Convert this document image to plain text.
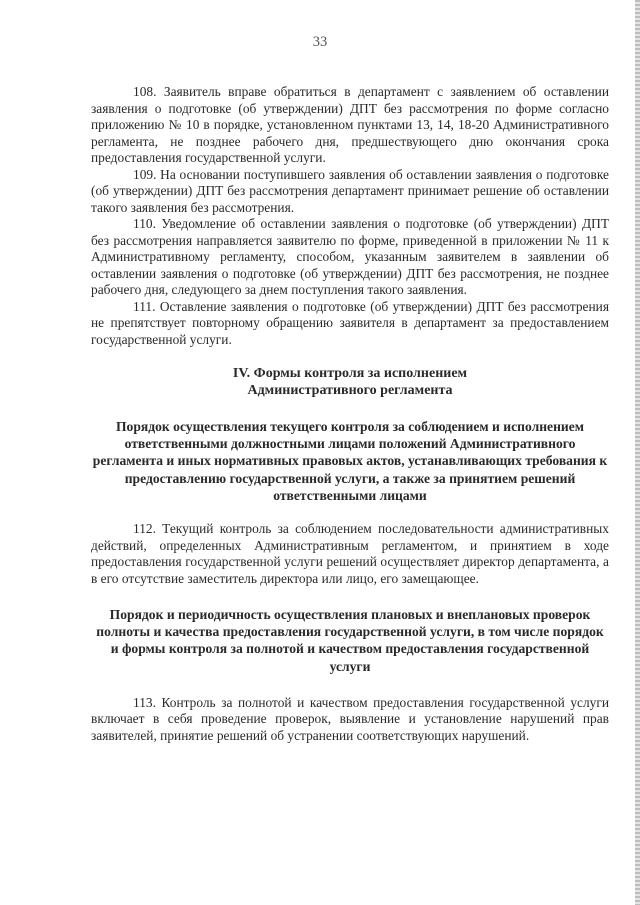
33

108. Заявитель вправе обратиться в департамент с заявлением об оставлении заявления о подготовке (об утверждении) ДПТ без рассмотрения по форме согласно приложению № 10 в порядке, установленном пунктами 13, 14, 18-20 Административного регламента, не позднее рабочего дня, предшествующего дню окончания срока предоставления государственной услуги.

109. На основании поступившего заявления об оставлении заявления о подготовке (об утверждении) ДПТ без рассмотрения департамент принимает решение об оставлении такого заявления без рассмотрения.

110. Уведомление об оставлении заявления о подготовке (об утверждении) ДПТ без рассмотрения направляется заявителю по форме, приведенной в приложении № 11 к Административному регламенту, способом, указанным заявителем в заявлении об оставлении заявления о подготовке (об утверждении) ДПТ без рассмотрения, не позднее рабочего дня, следующего за днем поступления такого заявления.

111. Оставление заявления о подготовке (об утверждении) ДПТ без рассмотрения не препятствует повторному обращению заявителя в департамент за предоставлением государственной услуги.

IV. Формы контроля за исполнением
Административного регламента
Порядок осуществления текущего контроля за соблюдением и исполнением ответственными должностными лицами положений Административного регламента и иных нормативных правовых актов, устанавливающих требования к предоставлению государственной услуги, а также за принятием решений ответственными лицами

112. Текущий контроль за соблюдением последовательности административных действий, определенных Административным регламентом, и принятием в ходе предоставления государственной услуги решений осуществляет директор департамента, а в его отсутствие заместитель директора или лицо, его замещающее.

Порядок и периодичность осуществления плановых и внеплановых проверок полноты и качества предоставления государственной услуги, в том числе порядок и формы контроля за полнотой и качеством предоставления государственной услуги

113. Контроль за полнотой и качеством предоставления государственной услуги включает в себя проведение проверок, выявление и установление нарушений прав заявителей, принятие решений об устранении соответствующих нарушений.
